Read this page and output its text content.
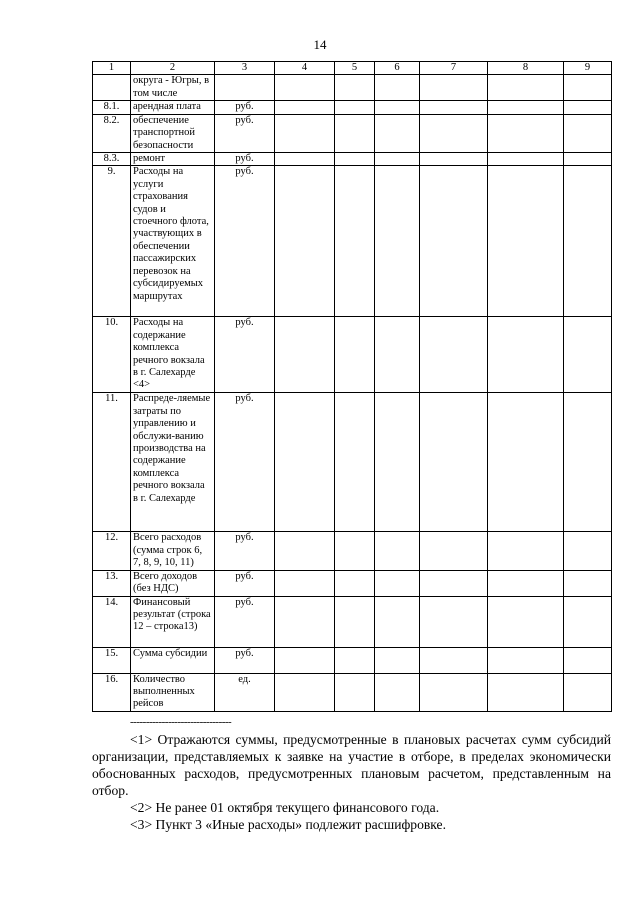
14
1	2	3	4	5	6	7	8	9
	округа - Югры, в том числе							
8.1.	арендная плата	руб.						
8.2.	обеспечение транспортной безопасности	руб.						
8.3.	ремонт	руб.						
9.	Расходы на услуги страхования судов и стоечного флота, участвующих в обеспечении пассажирских перевозок на субсидируемых маршрутах	руб.						
10.	Расходы на содержание комплекса речного вокзала в г. Салехарде <4>	руб.						
11.	Распреде-ляемые затраты по управлению и обслужи-ванию производства на содержание комплекса речного вокзала в г. Салехарде	руб.						
12.	Всего расходов (сумма строк 6, 7, 8, 9, 10, 11)	руб.						
13.	Всего доходов (без НДС)	руб.						
14.	Финансовый результат (строка 12 – строка13)	руб.						
15.	Сумма субсидии	руб.						
16.	Количество выполненных рейсов	ед.						
--------------------------------

<1> Отражаются суммы, предусмотренные в плановых расчетах сумм субсидий организации, представляемых к заявке на участие в отборе, в пределах экономически обоснованных расходов, предусмотренных плановым расчетом, представленным на отбор.

<2> Не ранее 01 октября текущего финансового года.

<3> Пункт 3 «Иные расходы» подлежит расшифровке.
